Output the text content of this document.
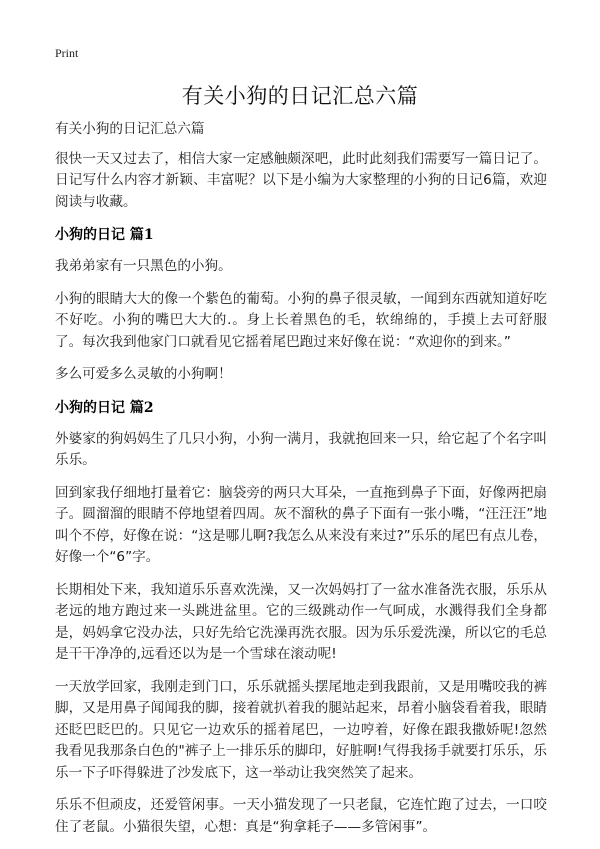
Print
有关小狗的日记汇总六篇

有关小狗的日记汇总六篇

很快一天又过去了，相信大家一定感触颇深吧，此时此刻我们需要写一篇日记了。日记写什么内容才新颖、丰富呢？以下是小编为大家整理的小狗的日记6篇，欢迎阅读与收藏。

小狗的日记 篇1

我弟弟家有一只黑色的小狗。

小狗的眼睛大大的像一个紫色的葡萄。小狗的鼻子很灵敏，一闻到东西就知道好吃不好吃。小狗的嘴巴大大的.。身上长着黑色的毛，软绵绵的，手摸上去可舒服了。每次我到他家门口就看见它摇着尾巴跑过来好像在说：“欢迎你的到来。”

多么可爱多么灵敏的小狗啊！

小狗的日记 篇2

外婆家的狗妈妈生了几只小狗，小狗一满月，我就抱回来一只，给它起了个名字叫乐乐。

回到家我仔细地打量着它：脑袋旁的两只大耳朵，一直拖到鼻子下面，好像两把扇子。圆溜溜的眼睛不停地望着四周。灰不溜秋的鼻子下面有一张小嘴，“汪汪汪”地叫个不停，好像在说：“这是哪儿啊?我怎么从来没有来过?”乐乐的尾巴有点儿卷，好像一个“6”字。

长期相处下来，我知道乐乐喜欢洗澡，又一次妈妈打了一盆水准备洗衣服，乐乐从老远的地方跑过来一头跳进盆里。它的三级跳动作一气呵成，水溅得我们全身都是，妈妈拿它没办法，只好先给它洗澡再洗衣服。因为乐乐爱洗澡，所以它的毛总是干干净净的,远看还以为是一个雪球在滚动呢!

一天放学回家，我刚走到门口，乐乐就摇头摆尾地走到我跟前，又是用嘴咬我的裤脚，又是用鼻子闻闻我的脚，接着就扒着我的腿站起来，昂着小脑袋看着我，眼睛还眨巴眨巴的。只见它一边欢乐的摇着尾巴，一边哼着，好像在跟我撒娇呢!忽然我看见我那条白色的"裤子上一排乐乐的脚印，好脏啊!气得我扬手就要打乐乐，乐乐一下子吓得躲进了沙发底下，这一举动让我突然笑了起来。

乐乐不但顽皮，还爱管闲事。一天小猫发现了一只老鼠，它连忙跑了过去，一口咬住了老鼠。小猫很失望，心想：真是“狗拿耗子——多管闲事”。
